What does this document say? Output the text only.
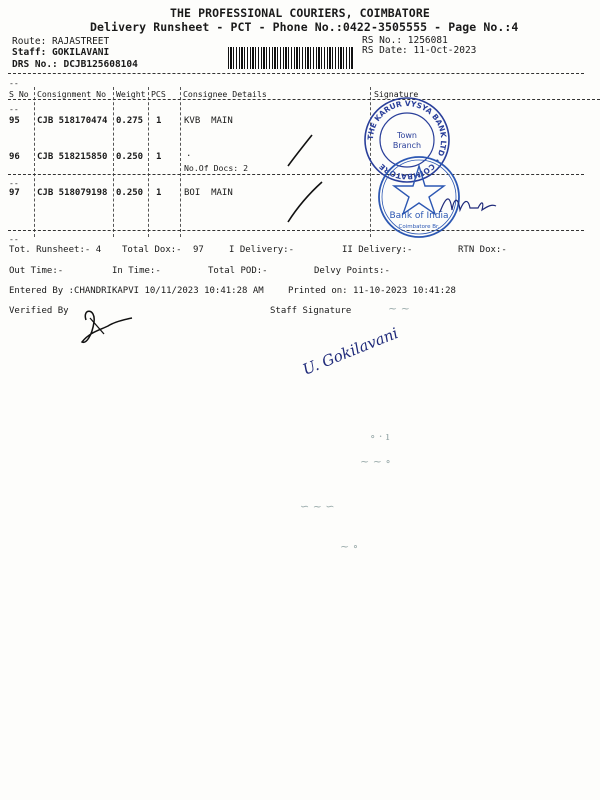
THE PROFESSIONAL COURIERS, COIMBATORE
Delivery Runsheet - PCT - Phone No.:0422-3505555 - Page No.:4
Route: RAJASTREET
Staff: GOKILAVANI
DRS No.: DCJB125608104
RS No.: 1256081
RS Date: 11-Oct-2023
--
S No Consignment No Weight PCS Consignee Details	Signature
--
95 CJB 518170474 0.275 1	KVB  MAIN
96 CJB 518215850 0.250 1	.
No.Of Docs: 2
--
97 CJB 518079198 0.250 1	BOI  MAIN
--
Tot. Runsheet:- 4 Total Dox:- 97	I Delivery:-	II Delivery:-	RTN Dox:-
Out Time:-	In Time:-	Total POD:-	Delvy Points:-
Entered By :CHANDRIKAPVI 10/11/2023 10:41:28 AM	Printed on: 11-10-2023 10:41:28
Verified By	Staff Signature
THE KARUR VYSYA BANK LTD • COIMBATORE
Town
Branch
Bank of India
Coimbatore Br.
U. Gokilavani
~ ~
∘ · ı
~ ~ ∘
∽ ~ ∽
~ ∘
